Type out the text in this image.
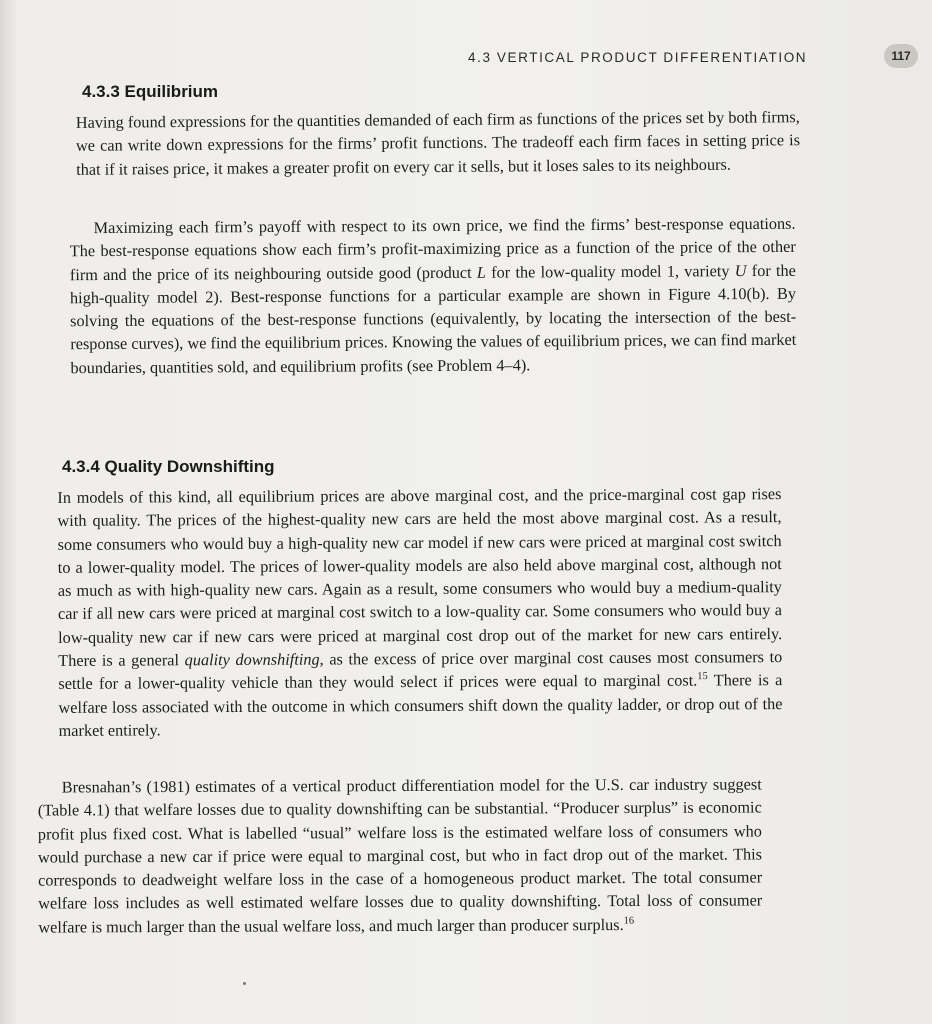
4.3 VERTICAL PRODUCT DIFFERENTIATION	117
4.3.3 Equilibrium

Having found expressions for the quantities demanded of each firm as functions of the prices set by both firms, we can write down expressions for the firms’ profit functions. The tradeoff each firm faces in setting price is that if it raises price, it makes a greater profit on every car it sells, but it loses sales to its neighbours.

Maximizing each firm’s payoff with respect to its own price, we find the firms’ best-response equations. The best-response equations show each firm’s profit-maximizing price as a function of the price of the other firm and the price of its neighbouring outside good (product L for the low-quality model 1, variety U for the high-quality model 2). Best-response functions for a particular example are shown in Figure 4.10(b). By solving the equations of the best-response functions (equivalently, by locating the intersection of the best-response curves), we find the equilibrium prices. Knowing the values of equilibrium prices, we can find market boundaries, quantities sold, and equilibrium profits (see Problem 4–4).

4.3.4 Quality Downshifting

In models of this kind, all equilibrium prices are above marginal cost, and the price-marginal cost gap rises with quality. The prices of the highest-quality new cars are held the most above marginal cost. As a result, some consumers who would buy a high-quality new car model if new cars were priced at marginal cost switch to a lower-quality model. The prices of lower-quality models are also held above marginal cost, although not as much as with high-quality new cars. Again as a result, some consumers who would buy a medium-quality car if all new cars were priced at marginal cost switch to a low-quality car. Some consumers who would buy a low-quality new car if new cars were priced at marginal cost drop out of the market for new cars entirely. There is a general quality downshifting, as the excess of price over marginal cost causes most consumers to settle for a lower-quality vehicle than they would select if prices were equal to marginal cost.$^{15}$ There is a welfare loss associated with the outcome in which consumers shift down the quality ladder, or drop out of the market entirely.

Bresnahan’s (1981) estimates of a vertical product differentiation model for the U.S. car industry suggest (Table 4.1) that welfare losses due to quality downshifting can be substantial. “Producer surplus” is economic profit plus fixed cost. What is labelled “usual” welfare loss is the estimated welfare loss of consumers who would purchase a new car if price were equal to marginal cost, but who in fact drop out of the market. This corresponds to deadweight welfare loss in the case of a homogeneous product market. The total consumer welfare loss includes as well estimated welfare losses due to quality downshifting. Total loss of consumer welfare is much larger than the usual welfare loss, and much larger than producer surplus.$^{16}$
